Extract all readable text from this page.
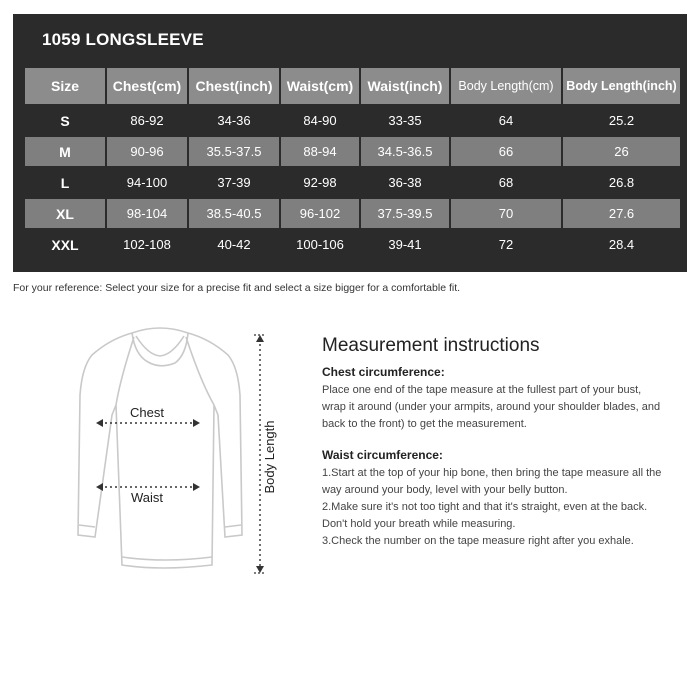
1059 LONGSLEEVE
Size	Chest(cm)	Chest(inch)	Waist(cm)	Waist(inch)	Body Length(cm)	Body Length(inch)
S	86-92	34-36	84-90	33-35	64	25.2
M	90-96	35.5-37.5	88-94	34.5-36.5	66	26
L	94-100	37-39	92-98	36-38	68	26.8
XL	98-104	38.5-40.5	96-102	37.5-39.5	70	27.6
XXL	102-108	40-42	100-106	39-41	72	28.4
For your reference: Select your size for a precise fit and select a size bigger for a comfortable fit.
Chest
Waist
Body Length
Measurement instructions
Chest circumference:

Place one end of the tape measure at the fullest part of your bust, wrap it around (under your armpits, around your shoulder blades, and back to the front) to get the measurement.

Waist circumference:

1.Start at the top of your hip bone, then bring the tape measure all the way around your body, level with your belly button.

2.Make sure it's not too tight and that it's straight, even at the back. Don't hold your breath while measuring.

3.Check the number on the tape measure right after you exhale.
